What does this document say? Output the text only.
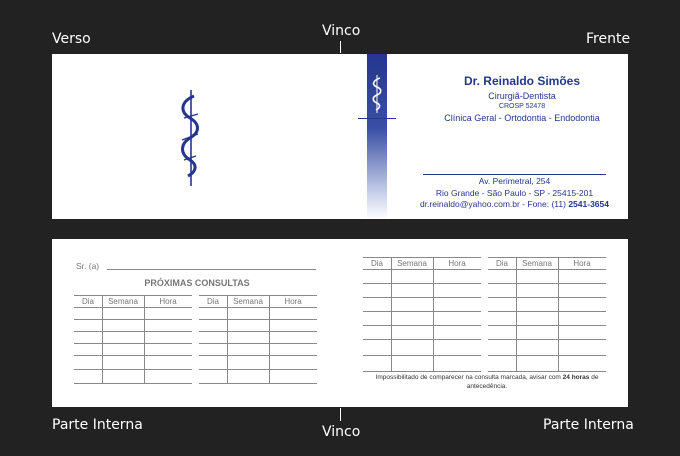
Verso	Vinco	Frente
Parte Interna	Vinco	Parte Interna
Dr. Reinaldo Simões
Cirurgiã-Dentista
CROSP 52478
Clínica Geral - Ortodontia - Endodontia
Av. Perimetral, 254
Rio Grande - São Paulo - SP - 25415-201
dr.reinaldo@yahoo.com.br - Fone: (11) 2541-3654
Sr. (a)
PRÓXIMAS CONSULTAS
Dia	Semana	Hora	Dia	Semana	Hora
Dia	Semana	Hora	Dia	Semana	Hora
Impossibilitado de comparecer na consulta marcada, avisar com 24 horas de antecedência.
